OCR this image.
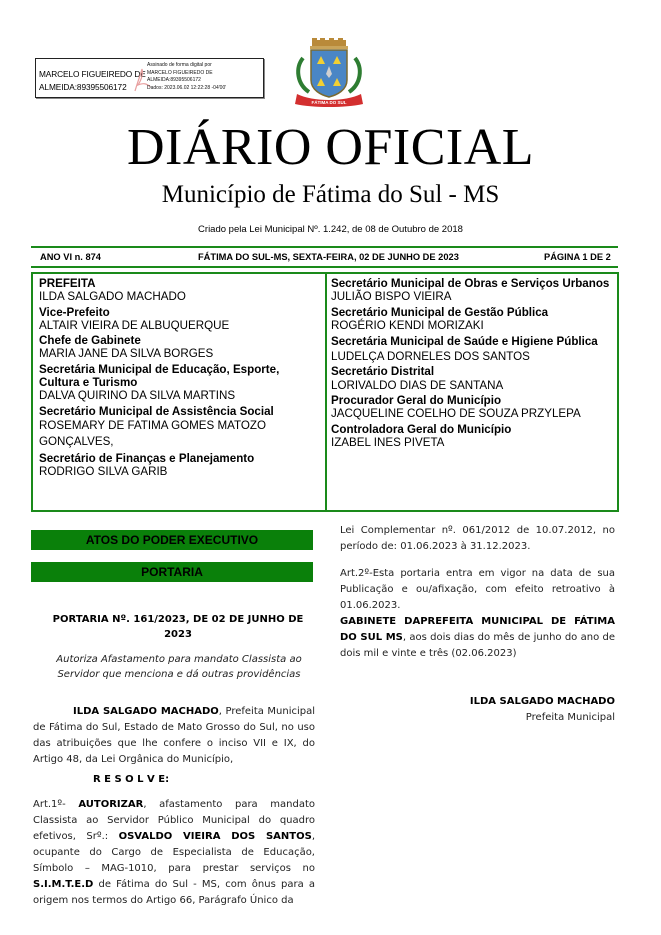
MARCELO FIGUEIREDO DE
ALMEIDA:89395506172
Assinado de forma digital por
MARCELO FIGUEIREDO DE
ALMEIDA:89395506172
Dados: 2023.06.02 12:22:28 -04'00'
FÁTIMA DO SUL
DIÁRIO OFICIAL
Município de Fátima do Sul - MS
Criado pela Lei Municipal Nº. 1.242, de 08 de Outubro de 2018
ANO VI n. 874	FÁTIMA DO SUL-MS, SEXTA-FEIRA, 02 DE JUNHO DE 2023	PÁGINA 1 DE 2
PREFEITA
ILDA SALGADO MACHADO
Vice-Prefeito
ALTAIR VIEIRA DE ALBUQUERQUE
Chefe de Gabinete
MARIA JANE DA SILVA BORGES
Secretária Municipal de Educação, Esporte, Cultura e Turismo
DALVA QUIRINO DA SILVA MARTINS
Secretário Municipal de Assistência Social
ROSEMARY DE FATIMA GOMES MATOZO GONÇALVES,
Secretário de Finanças e Planejamento
RODRIGO SILVA GARIB
Secretário Municipal de Obras e Serviços Urbanos
JULIÃO BISPO VIEIRA
Secretário Municipal de Gestão Pública
ROGÉRIO KENDI MORIZAKI
Secretária Municipal de Saúde e Higiene Pública
LUDELÇA DORNELES DOS SANTOS
Secretário Distrital
LORIVALDO DIAS DE SANTANA
Procurador Geral do Município
JACQUELINE COELHO DE SOUZA PRZYLEPA
Controladora Geral do Município
IZABEL INES PIVETA
ATOS DO PODER EXECUTIVO
PORTARIA
PORTARIA Nº. 161/2023, DE 02 DE JUNHO DE 2023
Autoriza Afastamento para mandato Classista ao Servidor que menciona e dá outras providências
ILDA SALGADO MACHADO, Prefeita Municipal de Fátima do Sul, Estado de Mato Grosso do Sul, no uso das atribuições que lhe confere o inciso VII e IX, do Artigo 48, da Lei Orgânica do Município,
R E S O L V E:
Art.1º- AUTORIZAR, afastamento para mandato Classista ao Servidor Público Municipal do quadro efetivos, Srº.: OSVALDO VIEIRA DOS SANTOS, ocupante do Cargo de Especialista de Educação, Símbolo – MAG-1010, para prestar serviços no S.I.M.T.E.D de Fátima do Sul - MS, com ônus para a origem nos termos do Artigo 66, Parágrafo Único da
Lei Complementar nº. 061/2012 de 10.07.2012, no período de: 01.06.2023 à 31.12.2023.
Art.2º-Esta portaria entra em vigor na data de sua Publicação e ou/afixação, com efeito retroativo à 01.06.2023.
GABINETE DAPREFEITA MUNICIPAL DE FÁTIMA DO SUL MS, aos dois dias do mês de junho do ano de dois mil e vinte e três (02.06.2023)
ILDA SALGADO MACHADO
Prefeita Municipal
